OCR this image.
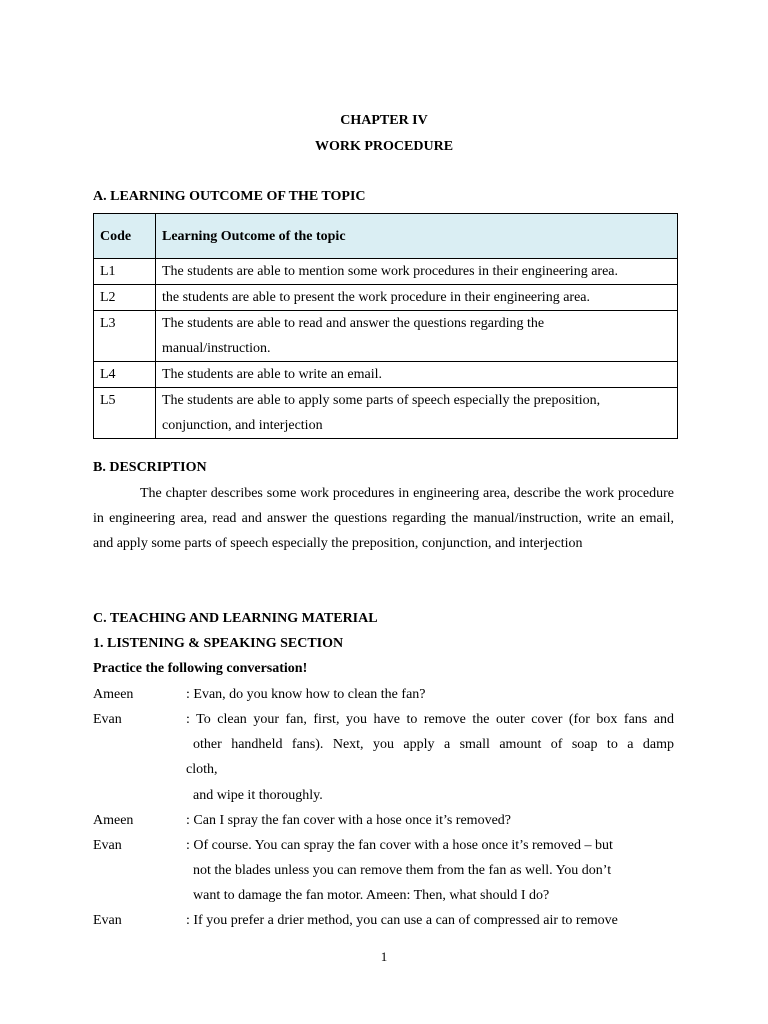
CHAPTER IV
WORK PROCEDURE
A. LEARNING OUTCOME OF THE TOPIC
Code	Learning Outcome of the topic
L1	The students are able to mention some work procedures in their engineering area.

L2	the students are able to present the work procedure in their engineering area.

L3	The students are able to read and answer the questions regarding the
manual/instruction.

L4	The students are able to write an email.

L5	The students are able to apply some parts of speech especially the preposition,
conjunction, and interjection
B. DESCRIPTION
The chapter describes some work procedures in engineering area, describe the work procedure in engineering area, read and answer the questions regarding the manual/instruction, write an email, and apply some parts of speech especially the preposition, conjunction, and interjection
C. TEACHING AND LEARNING MATERIAL
1. LISTENING & SPEAKING SECTION
Practice the following conversation!
Ameen	: Evan, do you know how to clean the fan?
Evan	: To clean your fan, first, you have to remove the outer cover (for box fans and
other handheld fans). Next, you apply a small amount of soap to a damp
cloth,
and wipe it thoroughly.
Ameen	: Can I spray the fan cover with a hose once it’s removed?
Evan	: Of course. You can spray the fan cover with a hose once it’s removed – but
not the blades unless you can remove them from the fan as well. You don’t
want to damage the fan motor. Ameen: Then, what should I do?
Evan	: If you prefer a drier method, you can use a can of compressed air to remove
1
